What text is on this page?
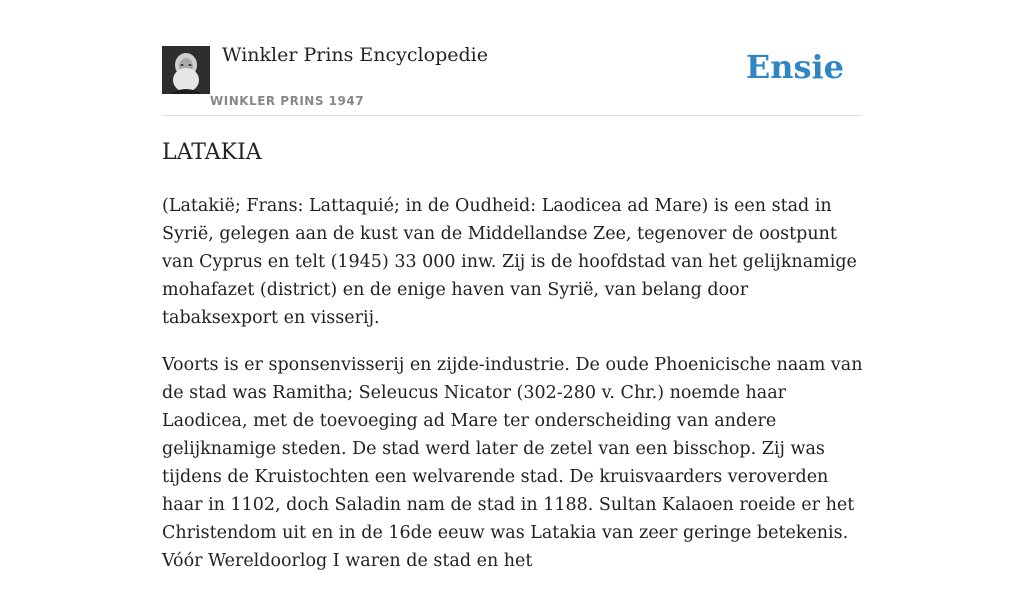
Winkler Prins Encyclopedie
WINKLER PRINS 1947
Ensie
LATAKIA

(Latakië; Frans: Lattaquié; in de Oudheid: Laodicea ad Mare) is een stad in Syrië, gelegen aan de kust van de Middellandse Zee, tegenover de oostpunt van Cyprus en telt (1945) 33 000 inw. Zij is de hoofdstad van het gelijknamige mohafazet (district) en de enige haven van Syrië, van belang door tabaksexport en visserij.

Voorts is er sponsenvisserij en zijde-industrie. De oude Phoenicische naam van de stad was Ramitha; Seleucus Nicator (302-280 v. Chr.) noemde haar Laodicea, met de toevoeging ad Mare ter onderscheiding van andere gelijknamige steden. De stad werd later de zetel van een bisschop. Zij was tijdens de Kruistochten een welvarende stad. De kruisvaarders veroverden haar in 1102, doch Saladin nam de stad in 1188. Sultan Kalaoen roeide er het Christendom uit en in de 16de eeuw was Latakia van zeer geringe betekenis. Vóór Wereldoorlog I waren de stad en het
